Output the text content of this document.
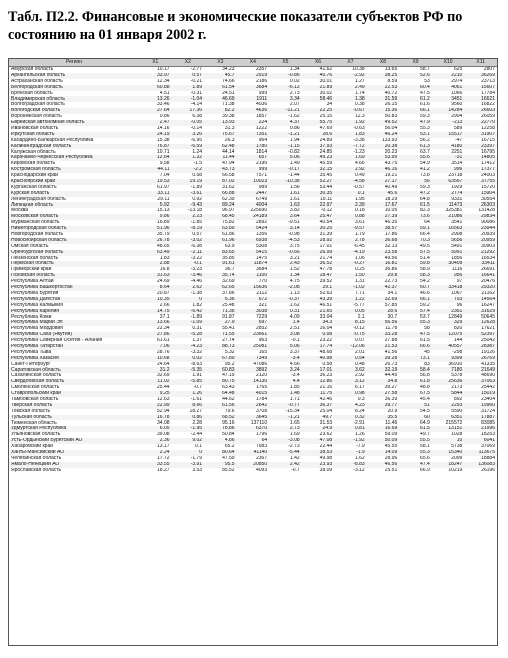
Табл. П2.2. Финансовые и экономические показатели субъектов РФ по состоянию на 01 января 2002 г.
Регион	X1	X2	X3	X4	X5	X6	X7	X8	X9	X10	X11
Амурская область	10.17	-2.77	34.23	2357	1.34	41.62	10.38	13.65	58.7	625	2807
Архангельская область	33.97	0.57	45.7	2919	-0.86	40.76	-2.92	38.25	52.6	2210	36269
Астраханская область	12.34	-0.21	74.66	2186	0.02	30.01	1.27	8.59	53	2974	23713
Белгородская область	60.88	1.89	61.54	3684	-6.12	21.89	2.49	22.53	60.4	4061	15607
Брянская область	4.51	-0.31	24.51	999	2.73	30.02	1.74	40.72	47.5	1066	17784
Владимирская область	13.26	-1.04	46.69	1911	3.34	58.46	1.38	31.59	61.2	3451	16621
Волгоградская область	33.46	-4.14	71.38	4036	2.07	34	0.38	26.15	61.6	9560	16822
Вологодская область	27.64	17.36	82.2	4636	-11.21	22.25	-0.67	15.36	66.1	14284	26603
Воронежская область	0.86	6.38	39.38	1857	-1.62	25.15	12.3	50.83	59.3	2904	26059
Еврейская автономная область	2.47	-0.05	13.93	224	4.37	55.75	1.92	49.52	47.9	-213	22770
Ивановская область	14.16	-0.14	31.3	1222	0.86	47.69	-0.63	56.04	55.3	589	12258
Иркутская область	24.19	3.26	75.67	7351	-1.21	28.6	1.83	46.24	53.1	15517	31907
Кабардино-Балкарская Республика	15.38	-6.95	26.3	964	1.94	24.89	-3.38	133.93	56.2	-47	16715
Калининградская область	76.87	-6.59	62.48	1780	-1.15	37.93	-7.72	20.38	61.3	4180	23397
Калужская область	10.71	1.24	44.14	1814	-0.82	24.85	-1.23	20.23	63.7	2251	16795
Карачаево-Черкесская Республика	12.64	1.32	11.44	657	5.06	49.23	1.69	53.95	55.6	-31	14805
Кировская область	9.58	-1.5	47.94	2196	1.49	45.59	4.66	43.75	54.9	3514	17412
Костромская область	44.11	-2.2	43.73	999	-0.17	32.15	2.92	46.16	41.2	996	17377
Краснодарский край	7.04	0.58	66.58	7571	-1.44	35.45	0.49	19.21	73.8	23718	24003
Красноярский край	19.53	19.19	87.02	10023	-10.38	52.27	-4.58	27.17	56	63567	37755
Курганская область	61.97	-1.89	31.62	989	1.56	53.44	-0.57	40.49	59.3	1929	15720
Курская область	33.11	-3.61	66.88	2447	1.61	30.35	0.1	45.6	47.2	2774	15904
Ленинградская область	29.11	0.92	62.39	6749	1.61	19.11	1.95	18.29	64.8	9331	30554
Липецкая область	5.92	-9.43	89.24	4004	1.63	22.97	2.39	17.67	61.5	11473	26303
Москва	15.13	-13.18	96.97	225690	3.82	-0.12	0.18	10.05	82.3	325381	131428
Московская область	9.86	2.23	68.45	24189	3.64	25.47	0.88	27.39	73.6	21086	29834
Мурманская область	16.89	-1.85	75.82	2892	-9.51	40.54	3.61	46.35	64	3541	90086
Нижегородская область	51.96	-8.19	63.89	5424	3.14	30.25	-9.57	38.57	59.1	16563	23944
Новгородская область	35.79	0.57	61.86	1356	-0.98	31.39	1.79	17.86	66.4	2908	20939
Новосибирская область	26.78	-3.02	61.96	6938	-4.53	28.92	2.78	36.68	70.3	5656	20959
Омская область	48.65	-6.38	63.9	5308	3.75	17.01	-6.45	32.13	49.5	5491	30903
Оренбургская область	63.49	-2.11	83.65	5415	-0.66	26.99	-4.19	23.58	57.5	5991	21292
Пензенская область	1.83	-3.22	35.85	1475	3.21	21.74	1.06	49.56	51.4	1856	16534
Пермская область	2.88	-0.1	91.61	11874	2.43	36.52	-0.27	16.81	59.8	30409	33411
Приморский край	16.8	-3.23	36.7	3684	1.52	47.78	0.25	36.86	58.9	1116	26691
Псковская область	31.63	-3.46	35.74	1100	1.34	18.47	1.50	29.8	58.3	956	16641
Республика Алтай	24.69	-4.46	32.69	770	4.75	39.52	1.31	22.73	54.2	97	20476
Республика Башкортостан	8.64	2.62	62.65	15636	-2.08	29.1	-1.02	42.37	60.7	33418	29320
Республика Бурятия	20.87	-1.38	37.86	2112	1.13	52.63	7.71	34.1	46.6	1067	21162
Республика Дагестан	10.35	0	6.36	672	-0.37	43.39	1.22	32.69	66.1	793	14564
Республика Калмыкия	2.66	1.82	25.48	321	1.62	46.51	-5.77	57.85	59.2	96	16247
Республика Карелия	14.75	-6.42	71.36	3038	0.31	21.65	0.05	28.6	57.4	2361	31629
Республика Коми	37.1	-1.89	91.87	7229	4.09	33.04	2.1	30.7	53.7	12849	50645
Республика Марий Эл	13.66	-1.09	27.9	697	1.4	34.3	8.15	56.56	55.3	329	12628
Республика Мордовия	22.34	0.31	55.41	2852	2.51	16.04	-0.12	11.78	58	820	17621
Республика Саха (Якутия)	27.86	-5.28	71.55	23661	3.08	0.08	-0.75	33.28	47.5	12075	52397
Республика Северная Осетия - Алания	61.61	1.37	27.74	963	-0.1	23.22	0.07	27.88	61.5	144	25042
Республика Татарстан	7.06	-4.23	88.73	25081	5.06	17.74	-12.06	21.53	66.6	40557	28387
Республика Тыва	28.76	-3.32	5.32	165	3.37	48.68	2.01	41.56	45	-298	19126
Республика Хакасия	10.68	0.02	67.89	7349	-3.4	40.98	0.54	39.28	73.1	9399	26769
Санкт-Петербург	24.64	-8.63	95.2	47086	4.66	0.58	0.48	26.73	83	36910	41335
Саратовская область	31.2	-5.35	60.83	3892	3.24	17.01	3.62	32.19	58.4	7180	21649
Сахалинская область	32.69	1.91	47.19	2120	-3.4	36.23	2.92	44.45	56.8	5378	48690
Свердловская область	11.02	-5.85	80.75	14130	4.4	12.86	3.12	34.8	61.8	25636	37063
Смоленская область	25.44	-0.7	63.43	1765	1.85	21.16	6.17	39.27	48.8	2173	25442
Ставропольский край	9.25	1.26	64.48	4015	1.48	11.75	0.98	27.58	67.5	5844	15019
Тамбовская область	12.63	-1.61	44.62	1784	1.71	42.46	0.3	36.39	45.4	892	23404
Тверская область	22.99	8.66	61.56	2642	-0.77	36.37	4.23	39.77	51	2293	19960
Томская область	52.94	18.27	79.6	3708	-15.34	25.04	8.24	20.9	54.5	5590	31724
Тульская область	16.78	0.86	68.52	3645	-1.21	49.7	0.32	35.5	60	6351	17887
Тюменская область	34.08	2.28	95.16	137110	1.65	31.53	-2.91	11.46	64.9	215572	83085
Удмуртская Республика	6.05	-1.95	78.86	6370	2.73	24.9	0.81	16.69	61.5	13151	21996
Ульяновская область	39.08	-2.44	50.84	1796	1.69	23.62	1.26	59.09	49.7	1028	18253
Усть-Ордынский Бурятский АО	2.36	9.02	4.86	64	-3.08	47.08	-1.92	50.09	55.5	10	6041
Хабаровский край	13.17	0.1	65.2	7983	-2.73	22.44	-7.9	45.55	58.1	5738	37069
Ханты-Мансийский АО	2.24	0	80.64	41140	-5.44	38.53	-1.9	14.09	55.3	15340	113675
Челябинская область	17.72	-1.79	47.59	2367	1.42	49.98	1.62	28.96	65.6	2099	18884
Ямало-Ненецкий АО	33.55	-3.91	95.5	20850	2.42	23.93	-8.83	46.56	47.4	18247	136083
Ярославская область	18.27	3.53	85.52	4093	-0.7	38.09	-3.12	25.51	66.9	10219	26196
